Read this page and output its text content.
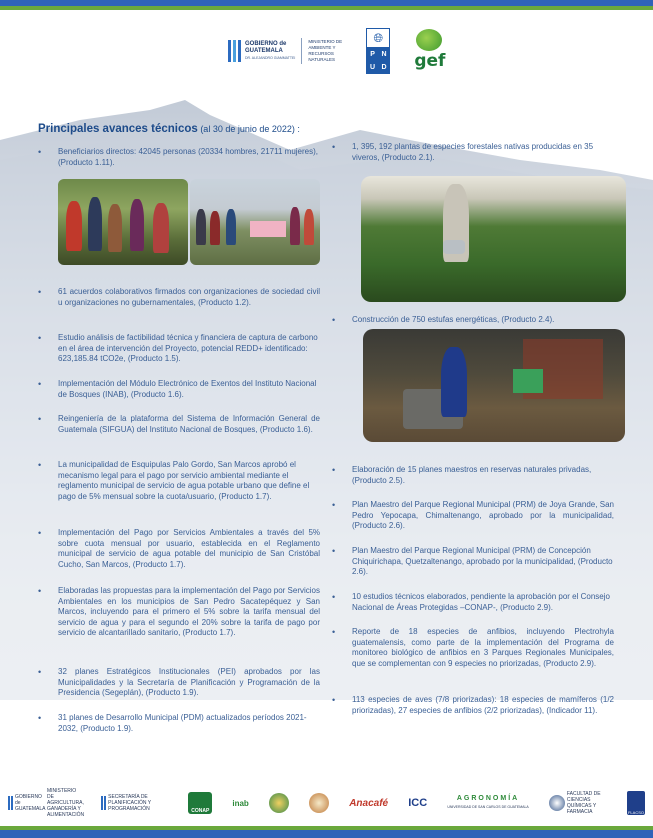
GOBIERNO de
GUATEMALA
DR. ALEJANDRO GIAMMATTEI
MINISTERIO DE AMBIENTE Y RECURSOS NATURALES
🌐︎
P N
U D gef
Principales avances técnicos (al 30 de junio de 2022) :
• Beneficiarios directos: 42045 personas (20334 hombres, 21711 mujeres), (Producto 1.11).
• 61 acuerdos colaborativos firmados con organizaciones de sociedad civil u organizaciones no gubernamentales, (Producto 1.2).
• Estudio análisis de factibilidad técnica y financiera de captura de carbono en el área de intervención del Proyecto, potencial REDD+ identificado: 623,185.84 tCO2e, (Producto 1.5).
• Implementación del Módulo Electrónico de Exentos del Instituto Nacional de Bosques (INAB), (Producto 1.6).
• Reingeniería de la plataforma del Sistema de Información General de Guatemala (SIFGUA) del Instituto Nacional de Bosques, (Producto 1.6).
• La municipalidad de Esquipulas Palo Gordo, San Marcos aprobó el mecanismo legal para el pago por servicio ambiental mediante el reglamento municipal de servicio de agua potable urbano que define el pago de 5% mensual sobre la cuota/usuario, (Producto 1.7).
• Implementación del Pago por Servicios Ambientales a través del 5% sobre cuota mensual por usuario, establecida en el Reglamento municipal de servicio de agua potable del municipio de San Cristóbal Cucho, San Marcos, (Producto 1.7).
• Elaboradas las propuestas para la implementación del Pago por Servicios Ambientales en los municipios de San Pedro Sacatepéquez y San Marcos, incluyendo para el primero el 5% sobre la tarifa mensual del servicio de agua y para el segundo el 20% sobre la tarifa de pago por servicio de alcantarillado sanitario, (Producto 1.7).
• 32 planes Estratégicos Institucionales (PEI) aprobados por las Municipalidades y la Secretaría de Planificación y Programación de la Presidencia (Segeplán), (Producto 1.9).
• 31 planes de Desarrollo Municipal (PDM) actualizados períodos 2021-2032, (Producto 1.9).
• 1, 395, 192 plantas de especies forestales nativas producidas en 35 viveros, (Producto 2.1).
• Construcción de 750 estufas energéticas, (Producto 2.4).
• Elaboración de 15 planes maestros en reservas naturales privadas, (Producto 2.5).
• Plan Maestro del Parque Regional Municipal (PRM) de Joya Grande, San Pedro Yepocapa, Chimaltenango, aprobado por la municipalidad, (Producto 2.6).
• Plan Maestro del Parque Regional Municipal (PRM) de Concepción Chiquirichapa, Quetzaltenango, aprobado por la municipalidad, (Producto 2.6).
• 10 estudios técnicos elaborados, pendiente la aprobación por el Consejo Nacional de Áreas Protegidas –CONAP-, (Producto 2.9).
• Reporte de 18 especies de anfibios, incluyendo Plectrohyla guatemalensis, como parte de la implementación del Programa de monitoreo biológico de anfibios en 3 Parques Regionales Municipales, que se complementan con 9 especies no priorizadas, (Producto 2.9).
• 113 especies de aves (7/8 priorizadas): 18 especies de mamíferos (1/2 priorizadas), 27 especies de anfibios (2/2 priorizadas), (Indicador 11).
GOBIERNO de GUATEMALA
MINISTERIO DE AGRICULTURA, GANADERÍA Y ALIMENTACIÓN
SECRETARÍA DE PLANIFICACIÓN Y PROGRAMACIÓN	CONAP
inab	Anacafé ICC	AGRONOMÍA
UNIVERSIDAD DE SAN CARLOS DE GUATEMALA
FACULTAD DE CIENCIAS QUÍMICAS Y FARMACIA	FLACSO
